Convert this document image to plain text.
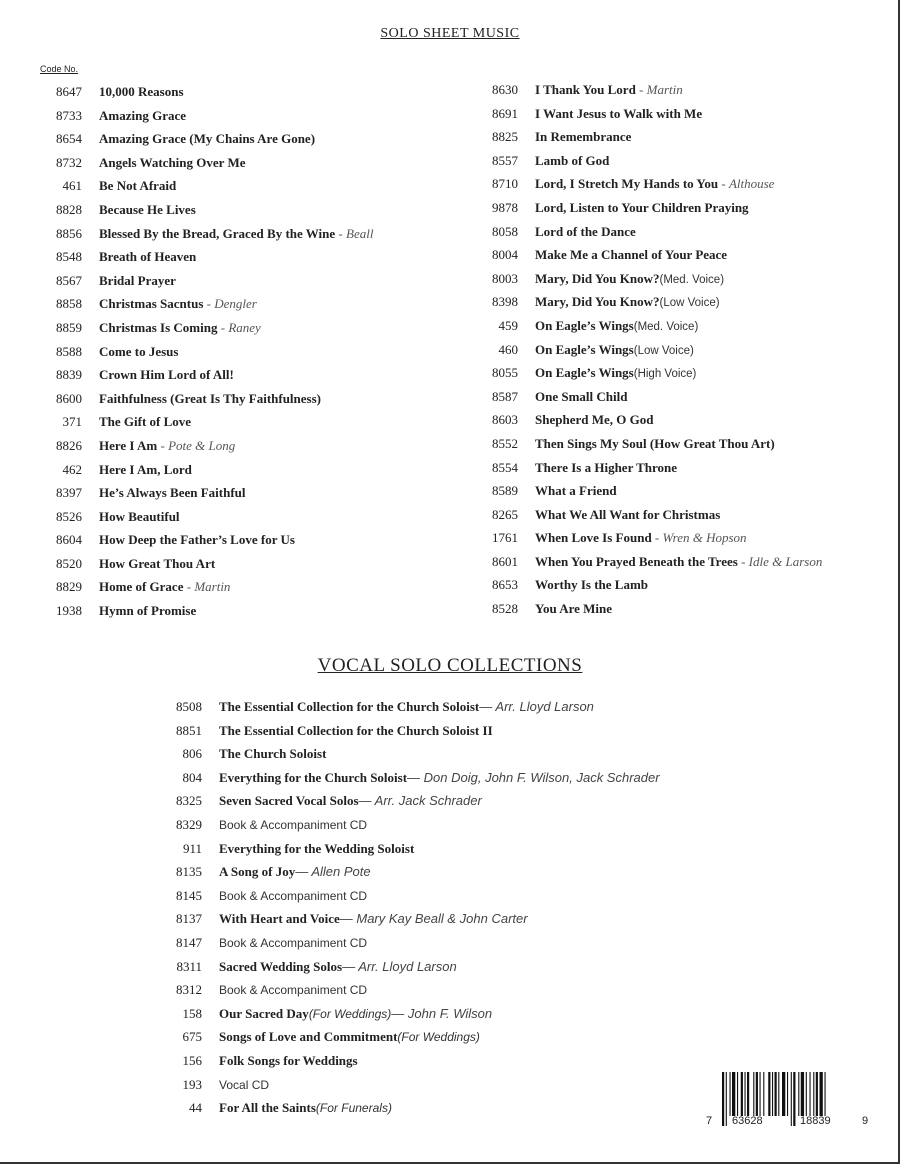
SOLO SHEET MUSIC
Code No.
8647	10,000 Reasons
8733	Amazing Grace
8654	Amazing Grace (My Chains Are Gone)
8732	Angels Watching Over Me
461	Be Not Afraid
8828	Because He Lives
8856	Blessed By the Bread, Graced By the Wine - Beall
8548	Breath of Heaven
8567	Bridal Prayer
8858	Christmas Sacntus - Dengler
8859	Christmas Is Coming - Raney
8588	Come to Jesus
8839	Crown Him Lord of All!
8600	Faithfulness (Great Is Thy Faithfulness)
371	The Gift of Love
8826	Here I Am - Pote & Long
462	Here I Am, Lord
8397	He’s Always Been Faithful
8526	How Beautiful
8604	How Deep the Father’s Love for Us
8520	How Great Thou Art
8829	Home of Grace - Martin
1938	Hymn of Promise
8630	I Thank You Lord - Martin
8691	I Want Jesus to Walk with Me
8825	In Remembrance
8557	Lamb of God
8710	Lord, I Stretch My Hands to You - Althouse
9878	Lord, Listen to Your Children Praying
8058	Lord of the Dance
8004	Make Me a Channel of Your Peace
8003	Mary, Did You Know? (Med. Voice)
8398	Mary, Did You Know? (Low Voice)
459	On Eagle’s Wings (Med. Voice)
460	On Eagle’s Wings (Low Voice)
8055	On Eagle’s Wings (High Voice)
8587	One Small Child
8603	Shepherd Me, O God
8552	Then Sings My Soul (How Great Thou Art)
8554	There Is a Higher Throne
8589	What a Friend
8265	What We All Want for Christmas
1761	When Love Is Found - Wren & Hopson
8601	When You Prayed Beneath the Trees - Idle & Larson
8653	Worthy Is the Lamb
8528	You Are Mine
VOCAL SOLO COLLECTIONS
8508	The Essential Collection for the Church Soloist — Arr. Lloyd Larson
8851	The Essential Collection for the Church Soloist II
806	The Church Soloist
804	Everything for the Church Soloist — Don Doig, John F. Wilson, Jack Schrader
8325	Seven Sacred Vocal Solos — Arr. Jack Schrader
8329	Book & Accompaniment CD
911	Everything for the Wedding Soloist
8135	A Song of Joy — Allen Pote
8145	Book & Accompaniment CD
8137	With Heart and Voice — Mary Kay Beall & John Carter
8147	Book & Accompaniment CD
8311	Sacred Wedding Solos — Arr. Lloyd Larson
8312	Book & Accompaniment CD
158	Our Sacred Day (For Weddings) — John F. Wilson
675	Songs of Love and Commitment (For Weddings)
156	Folk Songs for Weddings
193	Vocal CD
44	For All the Saints (For Funerals)
7 63628	18839	9
